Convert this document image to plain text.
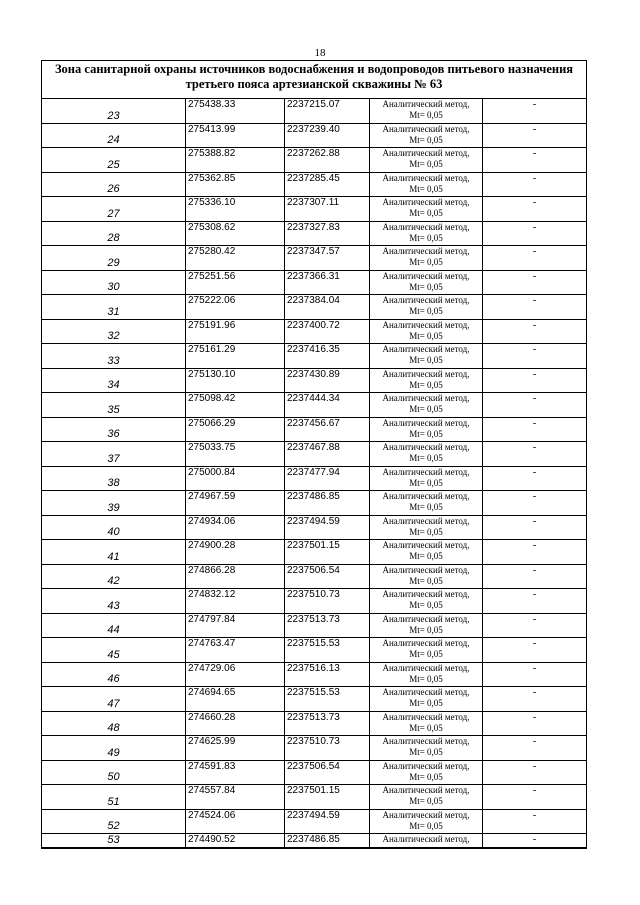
18
Зона санитарной охраны источников водоснабжения и водопроводов питьевого назначения третьего пояса артезианской скважины № 63
23	275438.33	2237215.07	Аналитический метод,
Mt= 0,05	-

24	275413.99	2237239.40	Аналитический метод,
Mt= 0,05	-

25	275388.82	2237262.88	Аналитический метод,
Mt= 0,05	-

26	275362.85	2237285.45	Аналитический метод,
Mt= 0,05	-

27	275336.10	2237307.11	Аналитический метод,
Mt= 0,05	-

28	275308.62	2237327.83	Аналитический метод,
Mt= 0,05	-

29	275280.42	2237347.57	Аналитический метод,
Mt= 0,05	-

30	275251.56	2237366.31	Аналитический метод,
Mt= 0,05	-

31	275222.06	2237384.04	Аналитический метод,
Mt= 0,05	-

32	275191.96	2237400.72	Аналитический метод,
Mt= 0,05	-

33	275161.29	2237416.35	Аналитический метод,
Mt= 0,05	-

34	275130.10	2237430.89	Аналитический метод,
Mt= 0,05	-

35	275098.42	2237444.34	Аналитический метод,
Mt= 0,05	-

36	275066.29	2237456.67	Аналитический метод,
Mt= 0,05	-

37	275033.75	2237467.88	Аналитический метод,
Mt= 0,05	-

38	275000.84	2237477.94	Аналитический метод,
Mt= 0,05	-

39	274967.59	2237486.85	Аналитический метод,
Mt= 0,05	-

40	274934.06	2237494.59	Аналитический метод,
Mt= 0,05	-

41	274900.28	2237501.15	Аналитический метод,
Mt= 0,05	-

42	274866.28	2237506.54	Аналитический метод,
Mt= 0,05	-

43	274832.12	2237510.73	Аналитический метод,
Mt= 0,05	-

44	274797.84	2237513.73	Аналитический метод,
Mt= 0,05	-

45	274763.47	2237515.53	Аналитический метод,
Mt= 0,05	-

46	274729.06	2237516.13	Аналитический метод,
Mt= 0,05	-

47	274694.65	2237515.53	Аналитический метод,
Mt= 0,05	-

48	274660.28	2237513.73	Аналитический метод,
Mt= 0,05	-

49	274625.99	2237510.73	Аналитический метод,
Mt= 0,05	-

50	274591.83	2237506.54	Аналитический метод,
Mt= 0,05	-

51	274557.84	2237501.15	Аналитический метод,
Mt= 0,05	-

52	274524.06	2237494.59	Аналитический метод,
Mt= 0,05	-

53	274490.52	2237486.85	Аналитический метод,	-
